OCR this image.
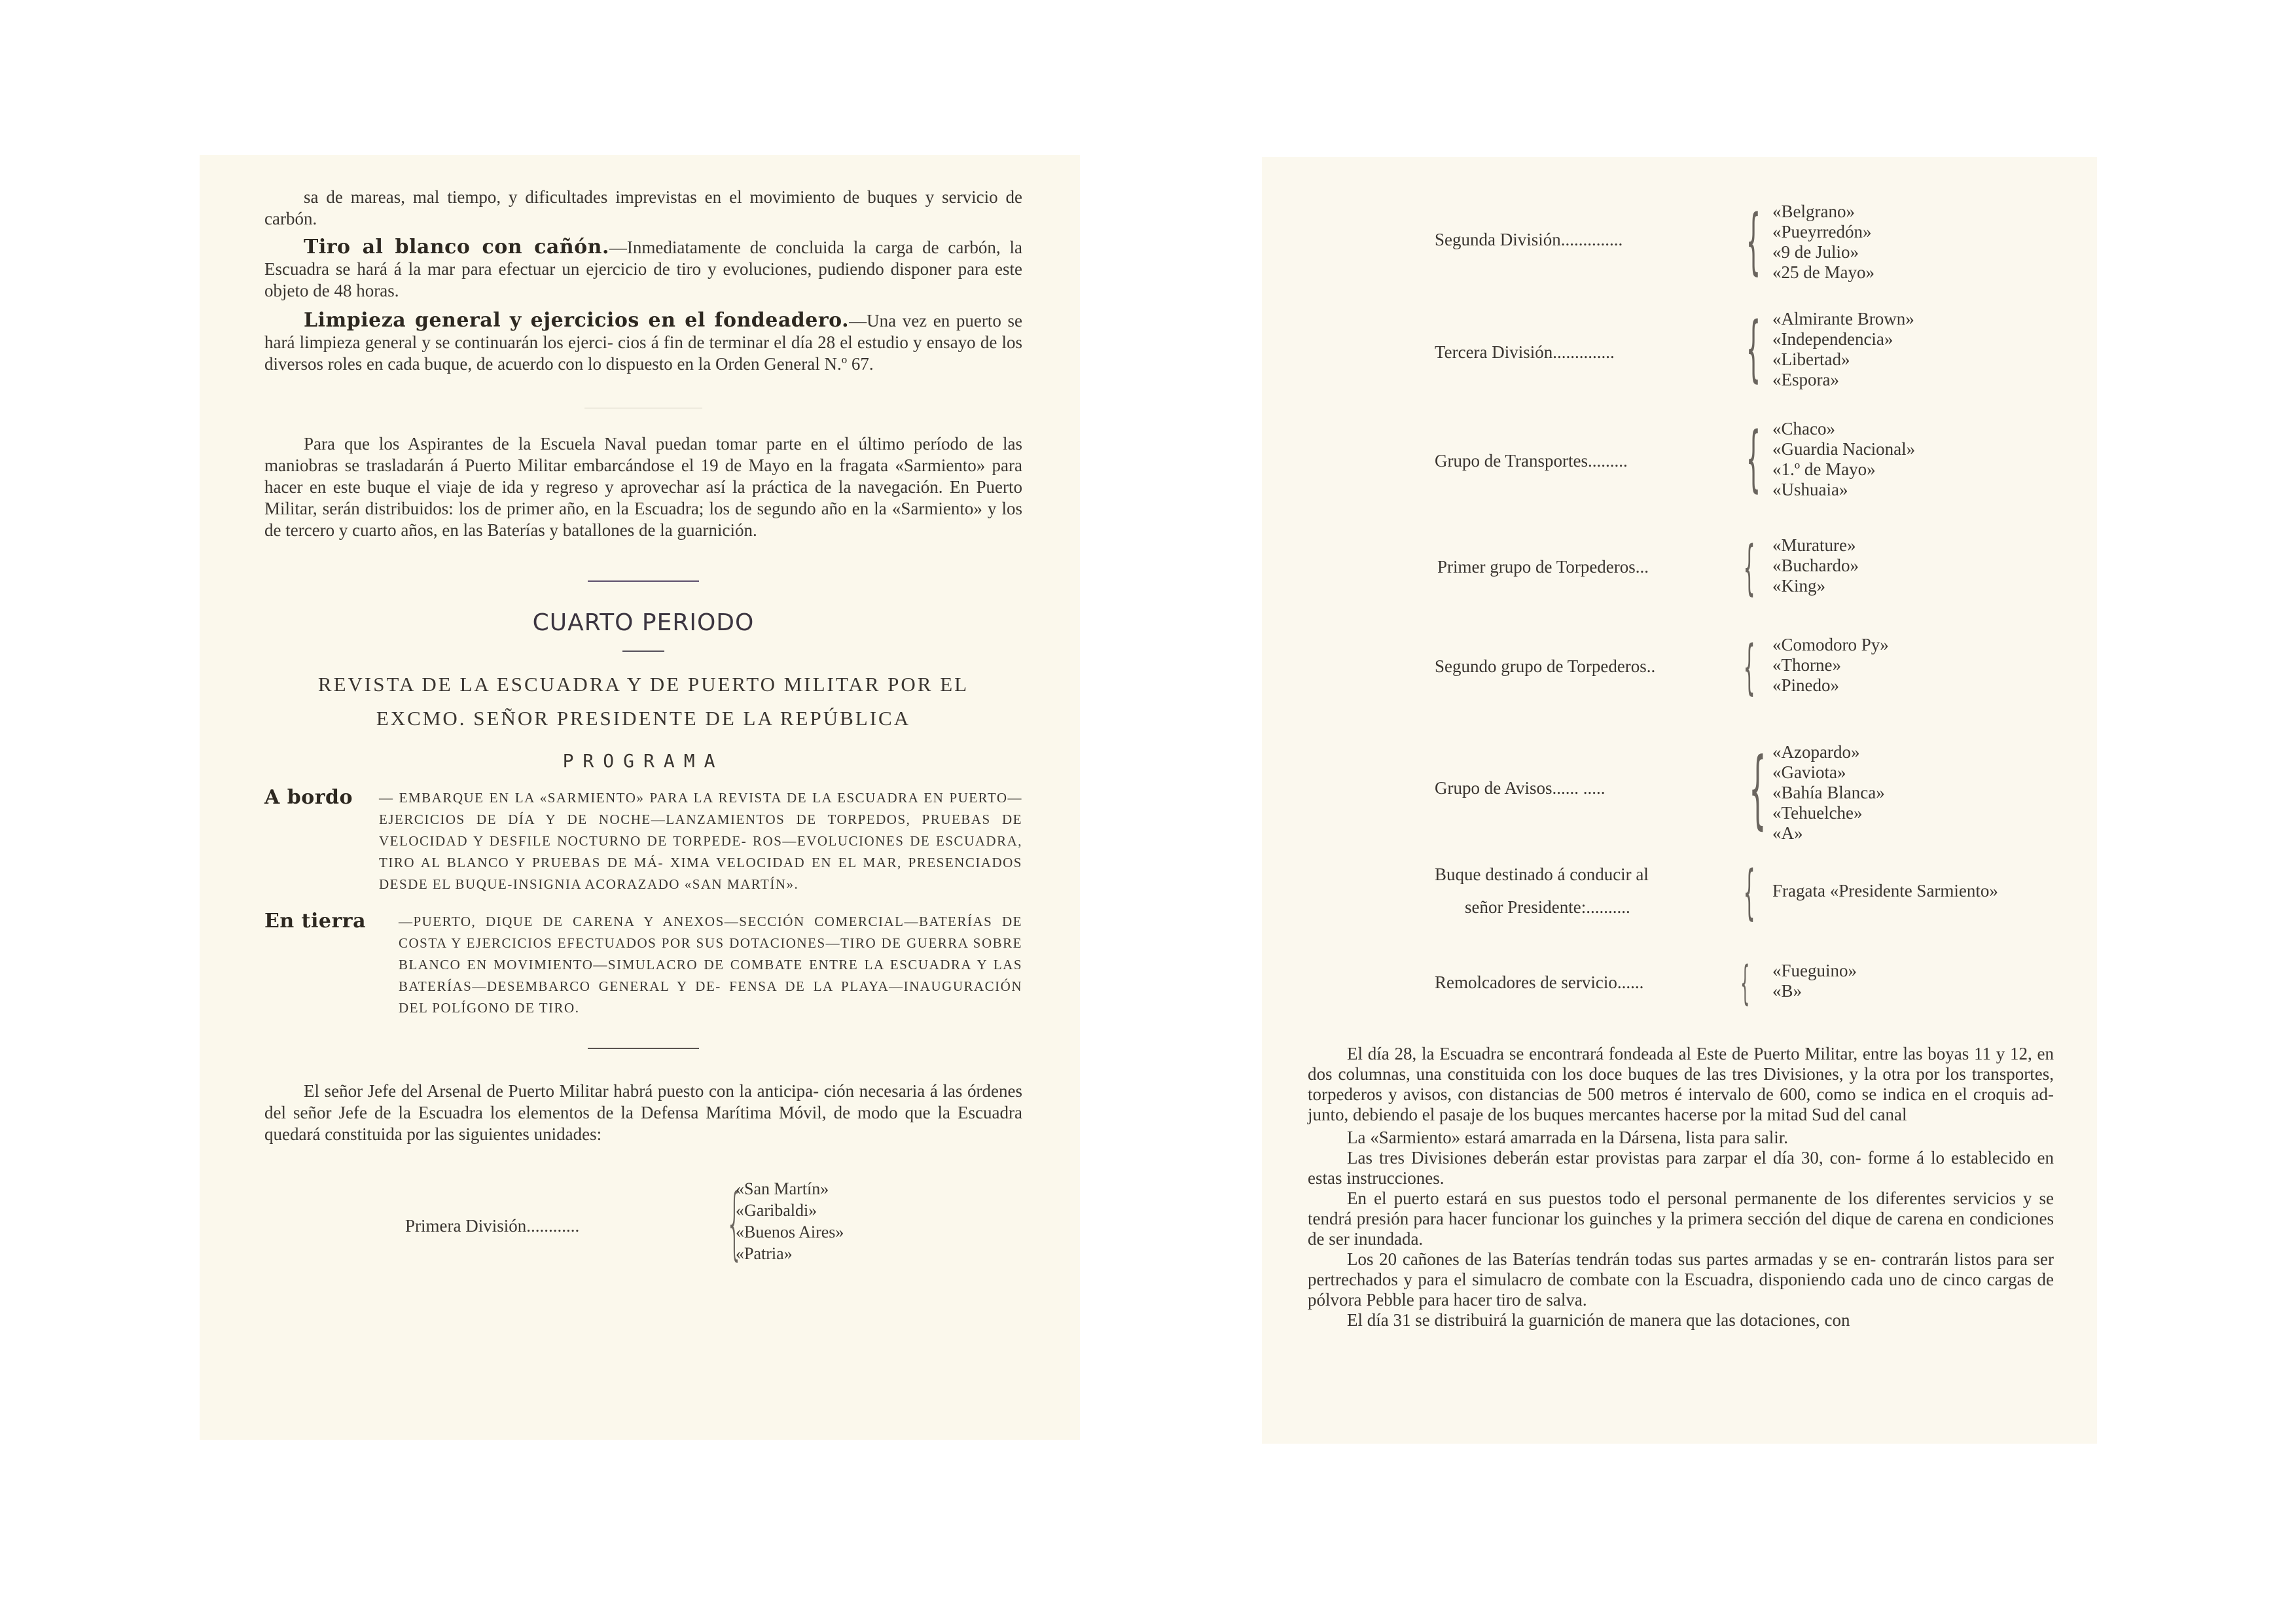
sa de mareas, mal tiempo, y dificultades imprevistas en el movimiento de buques y servicio de carbón.

Tiro al blanco con cañón.—Inmediatamente de concluida la carga de carbón, la Escuadra se hará á la mar para efectuar un ejercicio de tiro y evoluciones, pudiendo disponer para este objeto de 48 horas.

Limpieza general y ejercicios en el fondeadero.—Una vez en puerto se hará limpieza general y se continuarán los ejerci- cios á fin de terminar el día 28 el estudio y ensayo de los diversos roles en cada buque, de acuerdo con lo dispuesto en la Orden General N.º 67.

Para que los Aspirantes de la Escuela Naval puedan tomar parte en el último período de las maniobras se trasladarán á Puerto Militar embarcándose el 19 de Mayo en la fragata «Sarmiento» para hacer en este buque el viaje de ida y regreso y aprovechar así la práctica de la navegación. En Puerto Militar, serán distribuidos: los de primer año, en la Escuadra; los de segundo año en la «Sarmiento» y los de tercero y cuarto años, en las Baterías y batallones de la guarnición.

CUARTO PERIODO

REVISTA DE LA ESCUADRA Y DE PUERTO MILITAR POR EL

EXCMO. SEÑOR PRESIDENTE DE LA REPÚBLICA

PROGRAMA

A bordo — EMBARQUE EN LA «SARMIENTO» PARA LA REVISTA DE LA ESCUADRA EN PUERTO—EJERCICIOS DE DÍA Y DE NOCHE—LANZAMIENTOS DE TORPEDOS, PRUEBAS DE VELOCIDAD Y DESFILE NOCTURNO DE TORPEDE- ROS—EVOLUCIONES DE ESCUADRA, TIRO AL BLANCO Y PRUEBAS DE MÁ- XIMA VELOCIDAD EN EL MAR, PRESENCIADOS DESDE EL BUQUE-INSIGNIA ACORAZADO «SAN MARTÍN».

En tierra —PUERTO, DIQUE DE CARENA Y ANEXOS—SECCIÓN COMERCIAL—BATERÍAS DE COSTA Y EJERCICIOS EFECTUADOS POR SUS DOTACIONES—TIRO DE GUERRA SOBRE BLANCO EN MOVIMIENTO—SIMULACRO DE COMBATE ENTRE LA ESCUADRA Y LAS BATERÍAS—DESEMBARCO GENERAL Y DE- FENSA DE LA PLAYA—INAUGURACIÓN DEL POLÍGONO DE TIRO.

El señor Jefe del Arsenal de Puerto Militar habrá puesto con la anticipa- ción necesaria á las órdenes del señor Jefe de la Escuadra los elementos de la Defensa Marítima Móvil, de modo que la Escuadra quedará constituida por las siguientes unidades:

Primera División............ {
«San Martín»
«Garibaldi»
«Buenos Aires»
«Patria»
Segunda División.............. { «Belgrano»
«Pueyrredón»
«9 de Julio»
«25 de Mayo»
Tercera División.............. { «Almirante Brown»
«Independencia»
«Libertad»
«Espora»
Grupo de Transportes......... { «Chaco»
«Guardia Nacional»
«1.º de Mayo»
«Ushuaia»
Primer grupo de Torpederos... { «Murature»
«Buchardo»
«King»
Segundo grupo de Torpederos.. { «Comodoro Py»
«Thorne»
«Pinedo»
Grupo de Avisos...... ..... { «Azopardo»
«Gaviota»
«Bahía Blanca»
«Tehuelche»
«A»
Buque destinado á conducir al
señor Presidente:.......... { Fragata «Presidente Sarmiento»
Remolcadores de servicio...... { «Fueguino»
«B»

El día 28, la Escuadra se encontrará fondeada al Este de Puerto Militar, entre las boyas 11 y 12, en dos columnas, una constituida con los doce buques de las tres Divisiones, y la otra por los transportes, torpederos y avisos, con distancias de 500 metros é intervalo de 600, como se indica en el croquis ad- junto, debiendo el pasaje de los buques mercantes hacerse por la mitad Sud del canal

La «Sarmiento» estará amarrada en la Dársena, lista para salir.

Las tres Divisiones deberán estar provistas para zarpar el día 30, con- forme á lo establecido en estas instrucciones.

En el puerto estará en sus puestos todo el personal permanente de los diferentes servicios y se tendrá presión para hacer funcionar los guinches y la primera sección del dique de carena en condiciones de ser inundada.

Los 20 cañones de las Baterías tendrán todas sus partes armadas y se en- contrarán listos para ser pertrechados y para el simulacro de combate con la Escuadra, disponiendo cada uno de cinco cargas de pólvora Pebble para hacer tiro de salva.

El día 31 se distribuirá la guarnición de manera que las dotaciones, con
